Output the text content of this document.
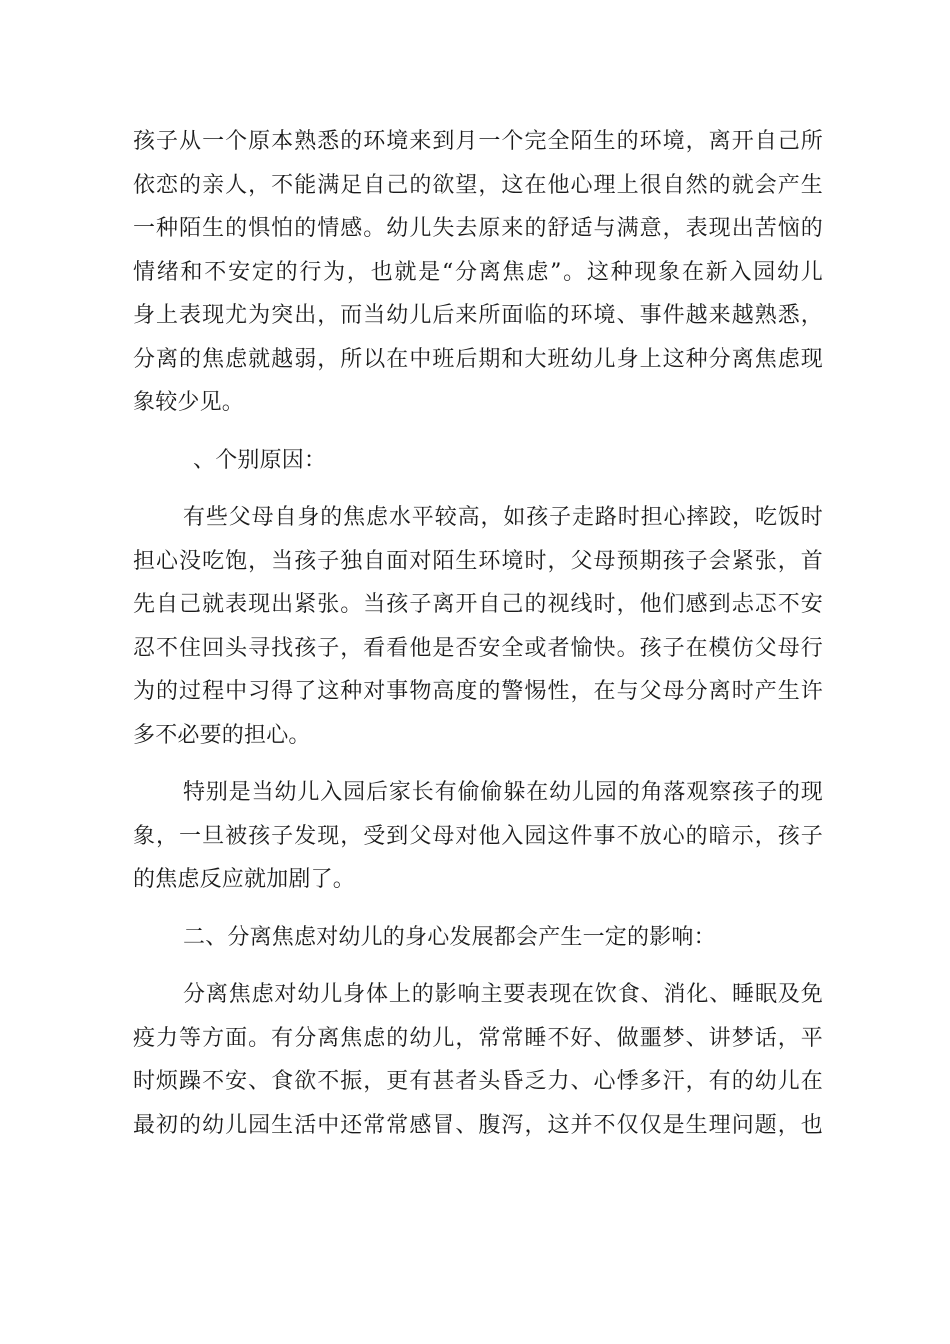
孩子从一个原本熟悉的环境来到月一个完全陌生的环境，离开自己所
依恋的亲人，不能满足自己的欲望，这在他心理上很自然的就会产生
一种陌生的惧怕的情感。幼儿失去原来的舒适与满意，表现出苦恼的
情绪和不安定的行为，也就是“分离焦虑”。这种现象在新入园幼儿
身上表现尤为突出，而当幼儿后来所面临的环境、事件越来越熟悉，
分离的焦虑就越弱，所以在中班后期和大班幼儿身上这种分离焦虑现
象较少见。
、个别原因：
有些父母自身的焦虑水平较高，如孩子走路时担心摔跤，吃饭时
担心没吃饱，当孩子独自面对陌生环境时，父母预期孩子会紧张，首
先自己就表现出紧张。当孩子离开自己的视线时，他们感到忐忑不安
忍不住回头寻找孩子，看看他是否安全或者愉快。孩子在模仿父母行
为的过程中习得了这种对事物高度的警惕性，在与父母分离时产生许
多不必要的担心。
特别是当幼儿入园后家长有偷偷躲在幼儿园的角落观察孩子的现
象，一旦被孩子发现，受到父母对他入园这件事不放心的暗示，孩子
的焦虑反应就加剧了。
二、分离焦虑对幼儿的身心发展都会产生一定的影响：
分离焦虑对幼儿身体上的影响主要表现在饮食、消化、睡眠及免
疫力等方面。有分离焦虑的幼儿，常常睡不好、做噩梦、讲梦话，平
时烦躁不安、食欲不振，更有甚者头昏乏力、心悸多汗，有的幼儿在
最初的幼儿园生活中还常常感冒、腹泻，这并不仅仅是生理问题，也
